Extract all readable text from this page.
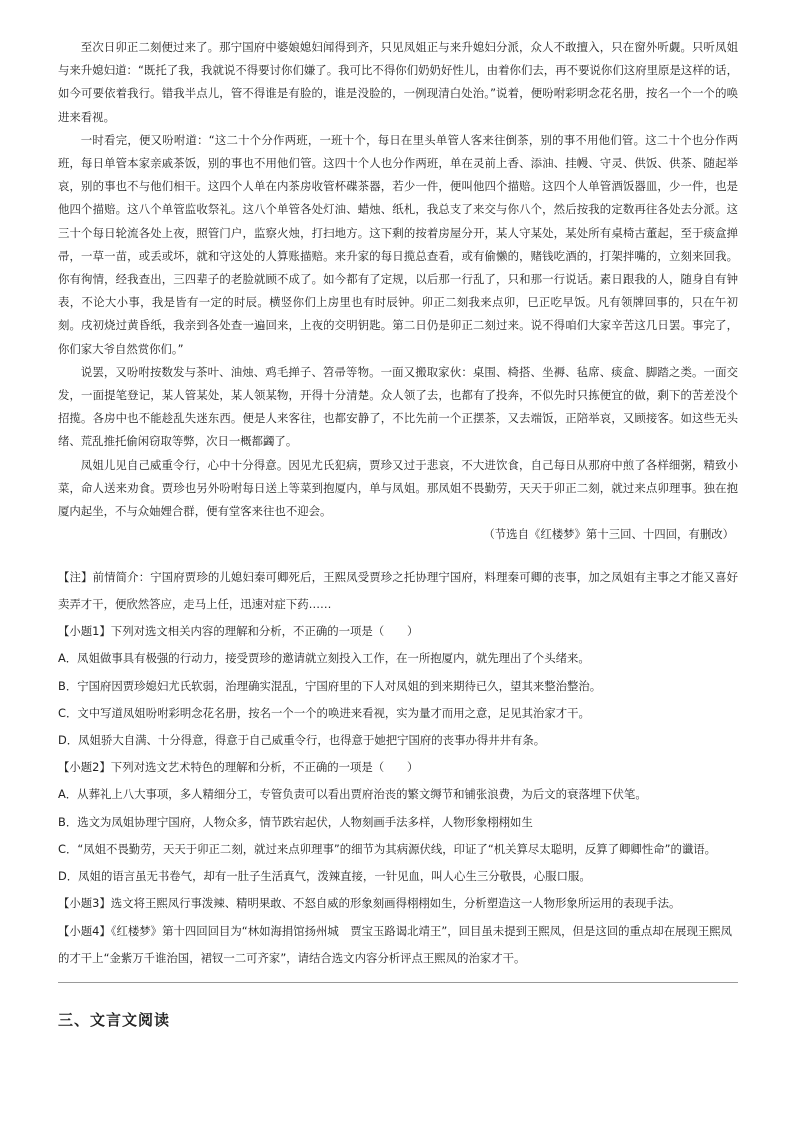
至次日卯正二刻便过来了。那宁国府中婆娘媳妇闻得到齐，只见凤姐正与来升媳妇分派，众人不敢擅入，只在窗外听觑。只听凤姐与来升媳妇道：“既托了我，我就说不得要讨你们嫌了。我可比不得你们奶奶好性儿，由着你们去，再不要说你们这府里原是这样的话，如今可要依着我行。错我半点儿，管不得谁是有脸的，谁是没脸的，一例现清白处治。”说着，便吩咐彩明念花名册，按名一个一个的唤进来看视。

一时看完，便又吩咐道：“这二十个分作两班，一班十个，每日在里头单管人客来往倒茶，别的事不用他们管。这二十个也分作两班，每日单管本家亲戚茶饭，别的事也不用他们管。这四十个人也分作两班，单在灵前上香、添油、挂幔、守灵、供饭、供茶、随起举哀，别的事也不与他们相干。这四个人单在内茶房收管杯碟茶器，若少一件，便叫他四个描赔。这四个人单管酒饭器皿，少一件，也是他四个描赔。这八个单管监收祭礼。这八个单管各处灯油、蜡烛、纸札，我总支了来交与你八个，然后按我的定数再往各处去分派。这三十个每日轮流各处上夜，照管门户，监察火烛，打扫地方。这下剩的按着房屋分开，某人守某处，某处所有桌椅古董起，至于痰盒掸帚，一草一苗，或丢或坏，就和守这处的人算账描赔。来升家的每日揽总查看，或有偷懒的，赌钱吃酒的，打架拌嘴的，立刻来回我。你有徇情，经我查出，三四辈子的老脸就顾不成了。如今都有了定规，以后那一行乱了，只和那一行说话。素日跟我的人，随身自有钟表，不论大小事，我是皆有一定的时辰。横竖你们上房里也有时辰钟。卯正二刻我来点卯，巳正吃早饭。凡有领牌回事的，只在午初刻。戌初烧过黄昏纸，我亲到各处查一遍回来，上夜的交明钥匙。第二日仍是卯正二刻过来。说不得咱们大家辛苦这几日罢。事完了，你们家大爷自然赏你们。”

说罢，又吩咐按数发与茶叶、油烛、鸡毛掸子、笤帚等物。一面又搬取家伙：桌围、椅搭、坐褥、毡席、痰盒、脚踏之类。一面交发，一面提笔登记，某人管某处，某人领某物，开得十分清楚。众人领了去，也都有了投奔，不似先时只拣便宜的做，剩下的苦差没个招揽。各房中也不能趁乱失迷东西。便是人来客往，也都安静了，不比先前一个正摆茶，又去端饭，正陪举哀，又顾接客。如这些无头绪、荒乱推托偷闲窃取等弊，次日一概都蠲了。

凤姐儿见自己威重令行，心中十分得意。因见尤氏犯病，贾珍又过于悲哀，不大进饮食，自己每日从那府中煎了各样细粥，精致小菜，命人送来劝食。贾珍也另外吩咐每日送上等菜到抱厦内，单与凤姐。那凤姐不畏勤劳，天天于卯正二刻，就过来点卯理事。独在抱厦内起坐，不与众妯娌合群，便有堂客来往也不迎会。

（节选自《红楼梦》第十三回、十四回，有删改）

【注】前情简介：宁国府贾珍的儿媳妇秦可卿死后，王熙凤受贾珍之托协理宁国府，料理秦可卿的丧事，加之凤姐有主事之才能又喜好卖弄才干，便欣然答应，走马上任，迅速对症下药……

【小题1】下列对选文相关内容的理解和分析，不正确的一项是（　　）

A．凤姐做事具有极强的行动力，接受贾珍的邀请就立刻投入工作，在一所抱厦内，就先理出了个头绪来。

B．宁国府因贾珍媳妇尤氏软弱，治理确实混乱，宁国府里的下人对凤姐的到来期待已久，望其来整治整治。

C．文中写道凤姐吩咐彩明念花名册，按名一个一个的唤进来看视，实为量才而用之意，足见其治家才干。

D．凤姐骄大自满、十分得意，得意于自己威重令行，也得意于她把宁国府的丧事办得井井有条。

【小题2】下列对选文艺术特色的理解和分析，不正确的一项是（　　）

A．从葬礼上八大事项，多人精细分工，专管负责可以看出贾府治丧的繁文缛节和铺张浪费，为后文的衰落埋下伏笔。

B．选文为凤姐协理宁国府，人物众多，情节跌宕起伏，人物刻画手法多样，人物形象栩栩如生

C．“凤姐不畏勤劳，天天于卯正二刻，就过来点卯理事”的细节为其病源伏线，印证了“机关算尽太聪明，反算了卿卿性命”的谶语。

D．凤姐的语言虽无书卷气，却有一肚子生活真气，泼辣直接，一针见血，叫人心生三分敬畏，心服口服。

【小题3】选文将王熙凤行事泼辣、精明果敢、不怒自威的形象刻画得栩栩如生，分析塑造这一人物形象所运用的表现手法。

【小题4】《红楼梦》第十四回回目为“林如海捐馆扬州城　贾宝玉路谒北靖王”，回目虽未提到王熙凤，但是这回的重点却在展现王熙凤的才干上“金紫万千谁治国，裙钗一二可齐家”，请结合选文内容分析评点王熙凤的治家才干。

三、文言文阅读
